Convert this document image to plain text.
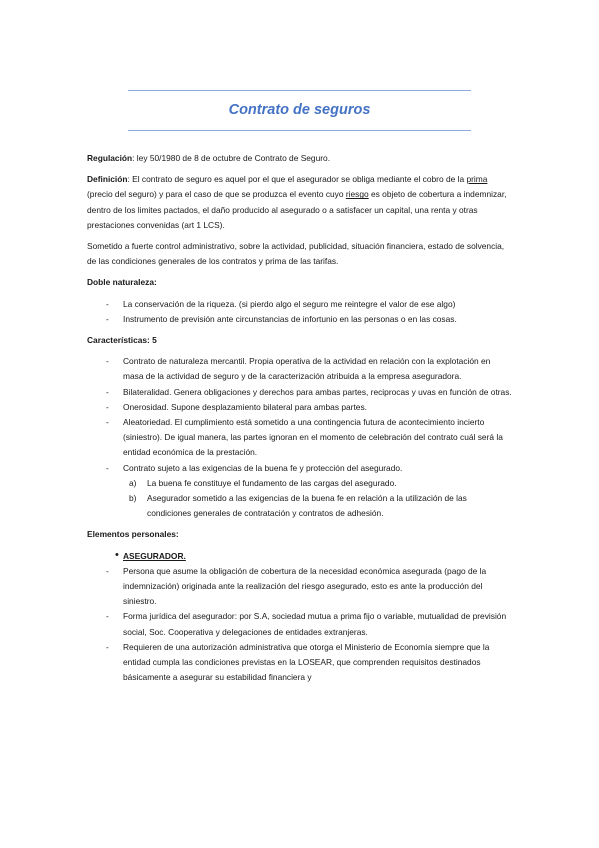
Contrato de seguros

Regulación: ley 50/1980 de 8 de octubre de Contrato de Seguro.

Definición: El contrato de seguro es aquel por el que el asegurador se obliga mediante el cobro de la prima (precio del seguro) y para el caso de que se produzca el evento cuyo riesgo es objeto de cobertura a indemnizar, dentro de los limites pactados, el daño producido al asegurado o a satisfacer un capital, una renta y otras prestaciones convenidas (art 1 LCS).

Sometido a fuerte control administrativo, sobre la actividad, publicidad, situación financiera, estado de solvencia, de las condiciones generales de los contratos y prima de las tarifas.

Doble naturaleza:

- La conservación de la riqueza. (si pierdo algo el seguro me reintegre el valor de ese algo)
- Instrumento de previsión ante circunstancias de infortunio en las personas o en las cosas.

Características: 5

- Contrato de naturaleza mercantil. Propia operativa de la actividad en relación con la explotación en masa de la actividad de seguro y de la caracterización atribuida a la empresa aseguradora.
- Bilateralidad. Genera obligaciones y derechos para ambas partes, reciprocas y uvas en función de otras.
- Onerosidad. Supone desplazamiento bilateral para ambas partes.
- Aleatoriedad. El cumplimiento está sometido a una contingencia futura de acontecimiento incierto (siniestro). De igual manera, las partes ignoran en el momento de celebración del contrato cuál será la entidad económica de la prestación.
- Contrato sujeto a las exigencias de la buena fe y protección del asegurado.
a) La buena fe constituye el fundamento de las cargas del asegurado.
b) Asegurador sometido a las exigencias de la buena fe en relación a la utilización de las condiciones generales de contratación y contratos de adhesión.

Elementos personales:

• ASEGURADOR.
- Persona que asume la obligación de cobertura de la necesidad económica asegurada (pago de la indemnización) originada ante la realización del riesgo asegurado, esto es ante la producción del siniestro.
- Forma jurídica del asegurador: por S.A, sociedad mutua a prima fijo o variable, mutualidad de previsión social, Soc. Cooperativa y delegaciones de entidades extranjeras.
- Requieren de una autorización administrativa que otorga el Ministerio de Economía siempre que la entidad cumpla las condiciones previstas en la LOSEAR, que comprenden requisitos destinados básicamente a asegurar su estabilidad financiera y
